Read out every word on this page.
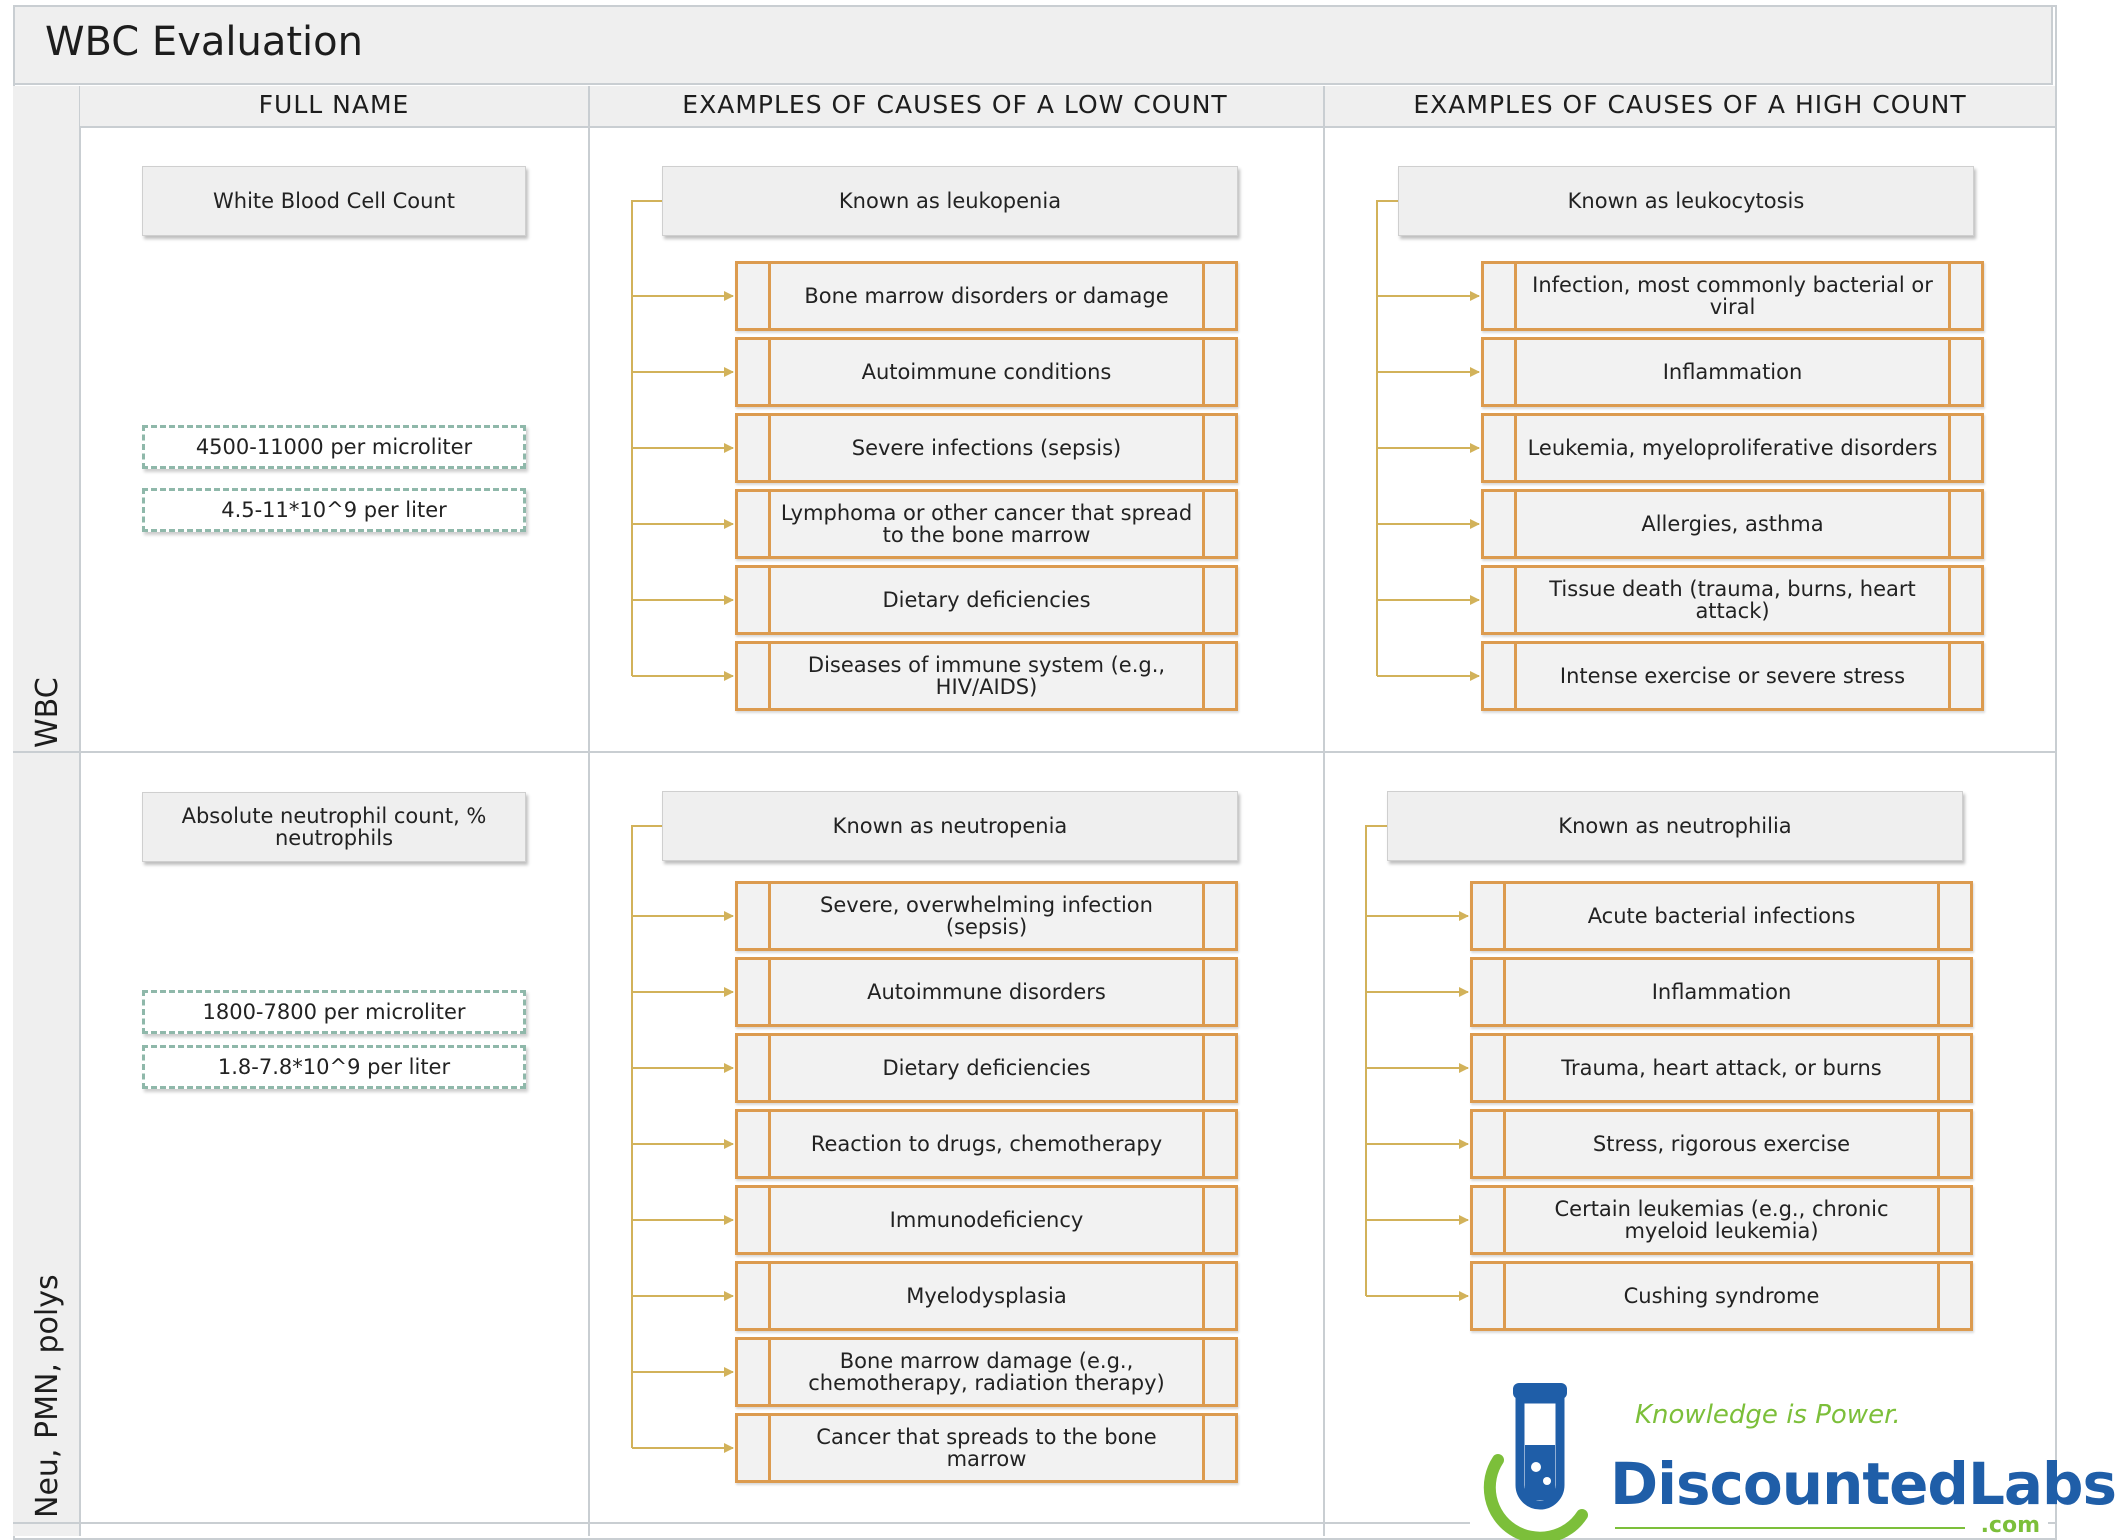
WBC Evaluation
FULL NAME	EXAMPLES OF CAUSES OF A LOW COUNT	EXAMPLES OF CAUSES OF A HIGH COUNT
WBC
Neu, PMN, polys
White Blood Cell Count
4500-11000 per microliter
4.5-11*10^9 per liter
Known as leukopenia
Bone marrow disorders or damage
Autoimmune conditions
Severe infections (sepsis)
Lymphoma or other cancer that spread to the bone marrow
Dietary deficiencies
Diseases of immune system (e.g., HIV/AIDS)
Known as leukocytosis
Infection, most commonly bacterial or viral
Inflammation
Leukemia, myeloproliferative disorders
Allergies, asthma
Tissue death (trauma, burns, heart attack)
Intense exercise or severe stress
Absolute neutrophil count, % neutrophils
1800-7800 per microliter
1.8-7.8*10^9 per liter
Known as neutropenia
Severe, overwhelming infection (sepsis)
Autoimmune disorders
Dietary deficiencies
Reaction to drugs, chemotherapy
Immunodeficiency
Myelodysplasia
Bone marrow damage (e.g., chemotherapy, radiation therapy)
Cancer that spreads to the bone marrow
Known as neutrophilia
Acute bacterial infections
Inflammation
Trauma, heart attack, or burns
Stress, rigorous exercise
Certain leukemias (e.g., chronic myeloid leukemia)
Cushing syndrome
Knowledge is Power.
DiscountedLabs
.com
